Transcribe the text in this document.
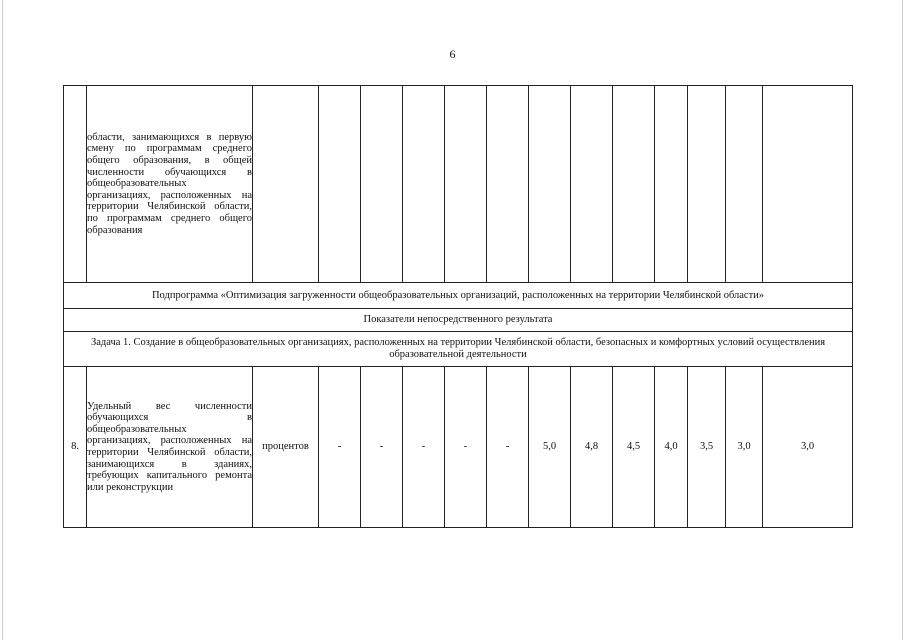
6
	области, занимающихся в первую смену по программам среднего общего образования, в общей численности обучающихся в общеобразовательных организациях, расположенных на территории Челябинской области, по программам среднего общего образования													
Подпрограмма «Оптимизация загруженности общеобразовательных организаций, расположенных на территории Челябинской области»														
Показатели непосредственного результата														
Задача 1. Создание в общеобразовательных организациях, расположенных на территории Челябинской области, безопасных и комфортных условий осуществления образовательной деятельности														
8.	Удельный вес численности обучающихся в общеобразовательных организациях, расположенных на территории Челябинской области, занимающихся в зданиях, требующих капитального ремонта или реконструкции	процентов	-	-	-	-	-	5,0	4,8	4,5	4,0	3,5	3,0	3,0
